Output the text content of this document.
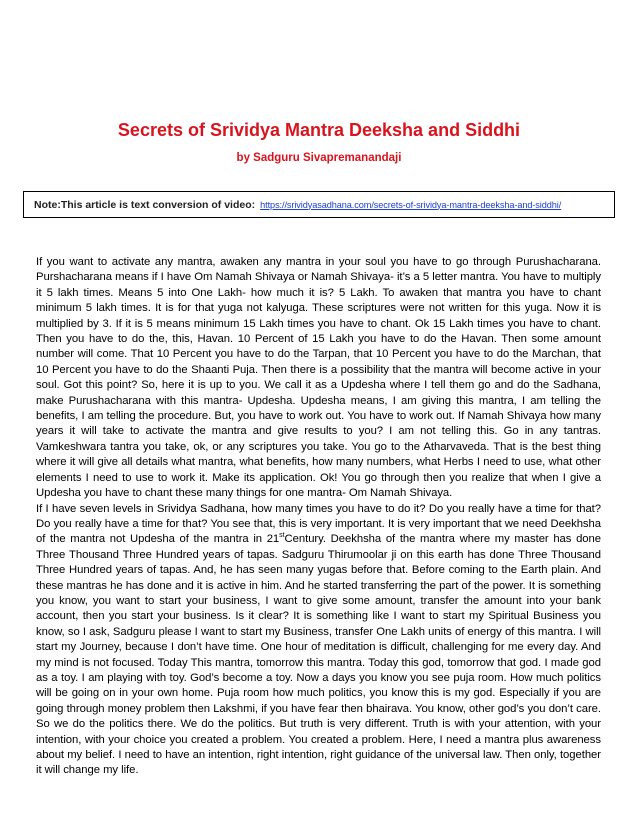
Secrets of Srividya Mantra Deeksha and Siddhi
by Sadguru Sivapremanandaji
Note:This article is text conversion of video: https://srividyasadhana.com/secrets-of-srividya-mantra-deeksha-and-siddhi/

If you want to activate any mantra, awaken any mantra in your soul you have to go through Purushacharana. Purshacharana means if I have Om Namah Shivaya or Namah Shivaya- it’s a 5 letter mantra. You have to multiply it 5 lakh times. Means 5 into One Lakh- how much it is? 5 Lakh. To awaken that mantra you have to chant minimum 5 lakh times. It is for that yuga not kalyuga. These scriptures were not written for this yuga. Now it is multiplied by 3. If it is 5 means minimum 15 Lakh times you have to chant. Ok 15 Lakh times you have to chant. Then you have to do the, this, Havan. 10 Percent of 15 Lakh you have to do the Havan. Then some amount number will come. That 10 Percent you have to do the Tarpan, that 10 Percent you have to do the Marchan, that 10 Percent you have to do the Shaanti Puja. Then there is a possibility that the mantra will become active in your soul. Got this point? So, here it is up to you. We call it as a Updesha where I tell them go and do the Sadhana, make Purushacharana with this mantra- Updesha. Updesha means, I am giving this mantra, I am telling the benefits, I am telling the procedure. But, you have to work out. You have to work out. If Namah Shivaya how many years it will take to activate the mantra and give results to you? I am not telling this. Go in any tantras. Vamkeshwara tantra you take, ok, or any scriptures you take. You go to the Atharvaveda. That is the best thing where it will give all details what mantra, what benefits, how many numbers, what Herbs I need to use, what other elements I need to use to work it. Make its application. Ok! You go through then you realize that when I give a Updesha you have to chant these many things for one mantra- Om Namah Shivaya.

If I have seven levels in Srividya Sadhana, how many times you have to do it? Do you really have a time for that? Do you really have a time for that? You see that, this is very important. It is very important that we need Deekhsha of the mantra not Updesha of the mantra in 21stCentury. Deekhsha of the mantra where my master has done Three Thousand Three Hundred years of tapas. Sadguru Thirumoolar ji on this earth has done Three Thousand Three Hundred years of tapas. And, he has seen many yugas before that. Before coming to the Earth plain. And these mantras he has done and it is active in him. And he started transferring the part of the power. It is something you know, you want to start your business, I want to give some amount, transfer the amount into your bank account, then you start your business. Is it clear? It is something like I want to start my Spiritual Business you know, so I ask, Sadguru please I want to start my Business, transfer One Lakh units of energy of this mantra. I will start my Journey, because I don’t have time. One hour of meditation is difficult, challenging for me every day. And my mind is not focused. Today This mantra, tomorrow this mantra. Today this god, tomorrow that god. I made god as a toy. I am playing with toy. God’s become a toy. Now a days you know you see puja room. How much politics will be going on in your own home. Puja room how much politics, you know this is my god. Especially if you are going through money problem then Lakshmi, if you have fear then bhairava. You know, other god’s you don’t care. So we do the politics there. We do the politics. But truth is very different. Truth is with your attention, with your intention, with your choice you created a problem. You created a problem. Here, I need a mantra plus awareness about my belief. I need to have an intention, right intention, right guidance of the universal law. Then only, together it will change my life.
